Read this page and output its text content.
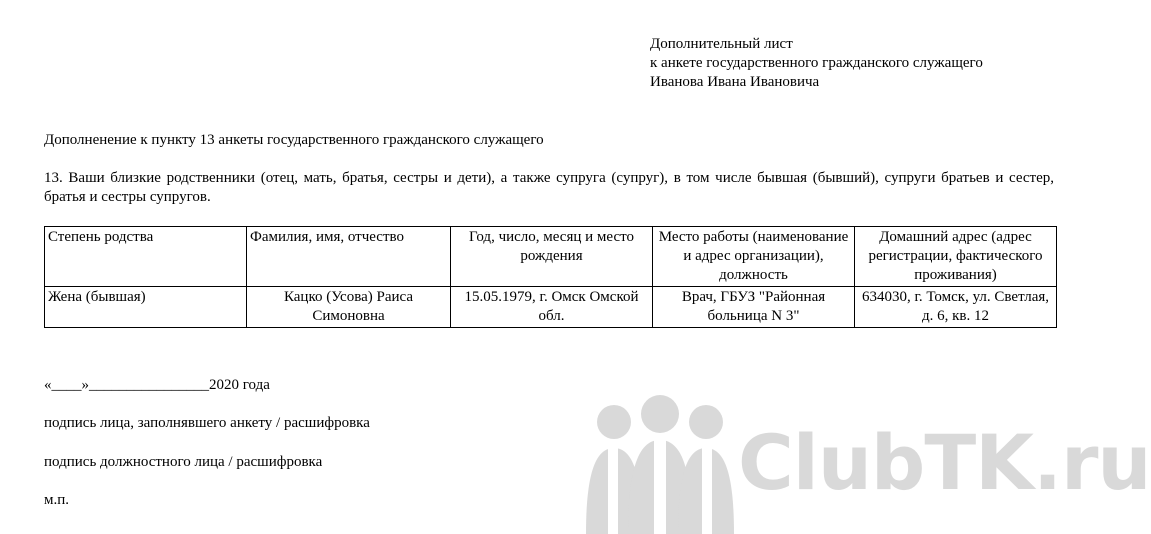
Дополнительный лист
к анкете государственного гражданского служащего
Иванова Ивана Ивановича
Дополненение к пункту 13 анкеты государственного гражданского служащего
13. Ваши близкие родственники (отец, мать, братья, сестры и дети), а также супруга (супруг), в том числе бывшая (бывший), супруги братьев и сестер, братья и сестры супругов.
Степень родства	Фамилия, имя, отчество	Год, число, месяц и место рождения	Место работы (наименование и адрес организации), должность	Домашний адрес (адрес регистрации, фактического проживания)
Жена (бывшая)	Кацко (Усова) Раиса Симоновна	15.05.1979, г. Омск Омской обл.	Врач, ГБУЗ "Районная больница N 3"	634030, г. Томск, ул. Светлая, д. 6, кв. 12
«____»________________2020 года
подпись лица, заполнявшего анкету / расшифровка
подпись должностного лица / расшифровка
м.п.	ClubTK.ru
